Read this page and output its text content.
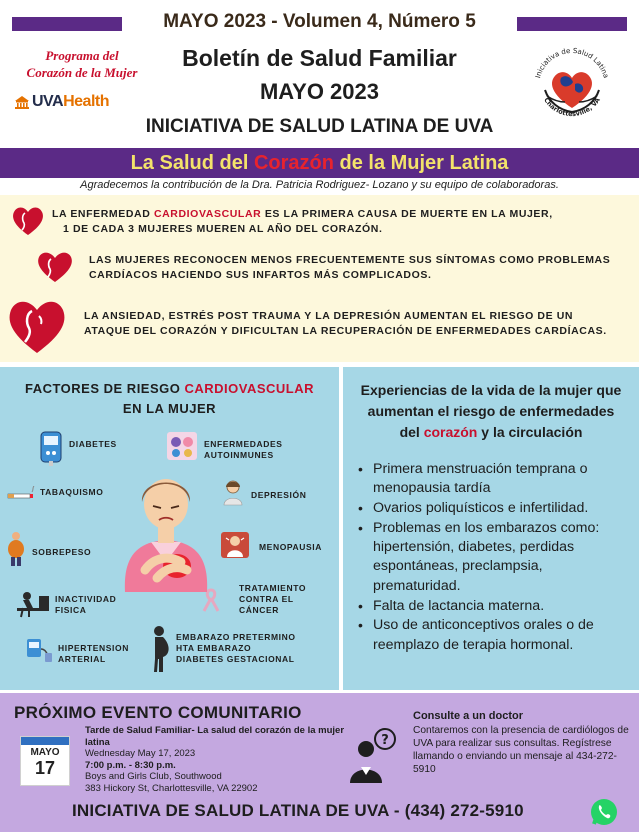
MAYO 2023 - Volumen 4, Número 5
Boletín de Salud Familiar
MAYO 2023
INICIATIVA DE SALUD LATINA DE UVA
Programa del
Corazón de la Mujer
UVAHealth
Iniciativa de Salud Latina
Charlottesville, VA
La Salud del Corazón de la Mujer Latina
Agradecemos la contribución de la Dra. Patricia Rodriguez- Lozano y su equipo de colaboradoras.
LA ENFERMEDAD CARDIOVASCULAR ES LA PRIMERA CAUSA DE MUERTE EN LA MUJER,
1 DE CADA 3 MUJERES MUEREN AL AÑO DEL CORAZÓN.
LAS MUJERES RECONOCEN MENOS FRECUENTEMENTE SUS SÍNTOMAS COMO PROBLEMAS
CARDÍACOS HACIENDO SUS INFARTOS MÁS COMPLICADOS.
LA ANSIEDAD, ESTRÉS POST TRAUMA Y LA DEPRESIÓN AUMENTAN EL RIESGO DE UN
ATAQUE DEL CORAZÓN Y DIFICULTAN LA RECUPERACIÓN DE ENFERMEDADES CARDÍACAS.
FACTORES DE RIESGO CARDIOVASCULAR
EN LA MUJER
DIABETES	ENFERMEDADES
AUTOINMUNES
TABAQUISMO	DEPRESIÓN
SOBREPESO	MENOPAUSIA
INACTIVIDAD
FISICA
TRATAMIENTO
CONTRA EL
CÁNCER
HIPERTENSION
ARTERIAL
EMBARAZO PRETERMINO
HTA EMBARAZO
DIABETES GESTACIONAL
Experiencias de la vida de la mujer que
aumentan el riesgo de enfermedades
del corazón y la circulación
• Primera menstruación temprana o menopausia tardía
• Ovarios poliquísticos e infertilidad.
• Problemas en los embarazos como: hipertensión, diabetes, perdidas espontáneas, preclampsia, prematuridad.
• Falta de lactancia materna.
• Uso de anticonceptivos orales o de reemplazo de terapia hormonal.
PRÓXIMO EVENTO COMUNITARIO
MAYO
17
Tarde de Salud Familiar- La salud del corazón de la mujer latina
Wednesday May 17, 2023
7:00 p.m. - 8:30 p.m.
Boys and Girls Club, Southwood
383 Hickory St, Charlottesville, VA 22902
?
Consulte a un doctor
Contaremos con la presencia de cardiólogos de UVA para realizar sus consultas. Regístrese llamando o enviando un mensaje al 434-272-5910
INICIATIVA DE SALUD LATINA DE UVA - (434) 272-5910
